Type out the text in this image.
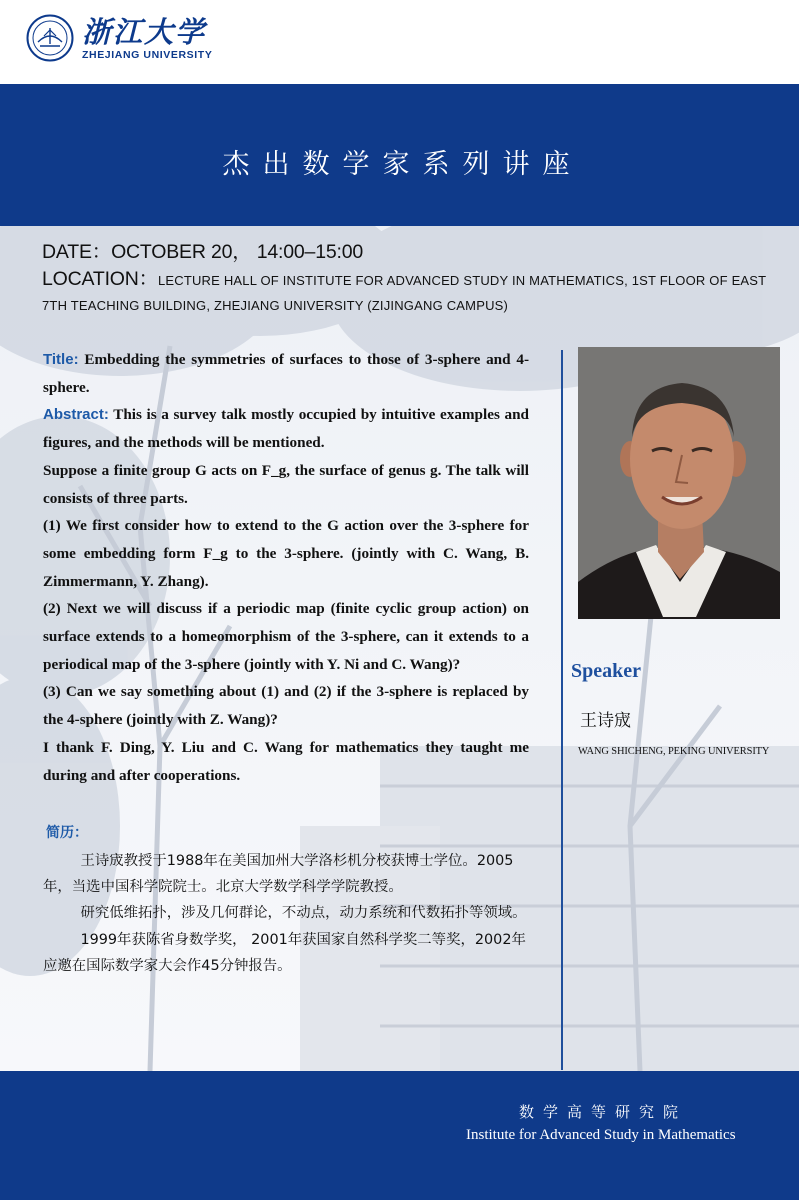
浙江大学
ZHEJIANG UNIVERSITY
杰出数学家系列讲座
DATE：OCTOBER 20， 14:00–15:00
LOCATION：LECTURE HALL OF INSTITUTE FOR ADVANCED STUDY IN MATHEMATICS, 1ST FLOOR OF EAST 7TH TEACHING BUILDING, ZHEJIANG UNIVERSITY (ZIJINGANG CAMPUS)
Title: Embedding the symmetries of surfaces to those of 3-sphere and 4-sphere.
Abstract: This is a survey talk mostly occupied by intuitive examples and figures, and the methods will be mentioned.
Suppose a finite group G acts on F_g, the surface of genus g. The talk will consists of three parts.
(1) We first consider how to extend to the G action over the 3-sphere for some embedding form F_g to the 3-sphere. (jointly with C. Wang, B. Zimmermann, Y. Zhang).
(2) Next we will discuss if a periodic map (finite cyclic group action) on surface extends to a homeomorphism of the 3-sphere, can it extends to a periodical map of the 3-sphere (jointly with Y. Ni and C. Wang)?
(3) Can we say something about (1) and (2) if the 3-sphere is replaced by the 4-sphere (jointly with Z. Wang)?
I thank F. Ding, Y. Liu and C. Wang for mathematics they taught me during and after cooperations.
简历：

王诗宬教授于1988年在美国加州大学洛杉机分校获博士学位。2005年，当选中国科学院院士。北京大学数学科学学院教授。

研究低维拓扑，涉及几何群论，不动点，动力系统和代数拓扑等领域。

1999年获陈省身数学奖， 2001年获国家自然科学奖二等奖，2002年应邀在国际数学家大会作45分钟报告。

Speaker
王诗宬
WANG SHICHENG, PEKING UNIVERSITY
数学高等研究院
Institute for Advanced Study in Mathematics
